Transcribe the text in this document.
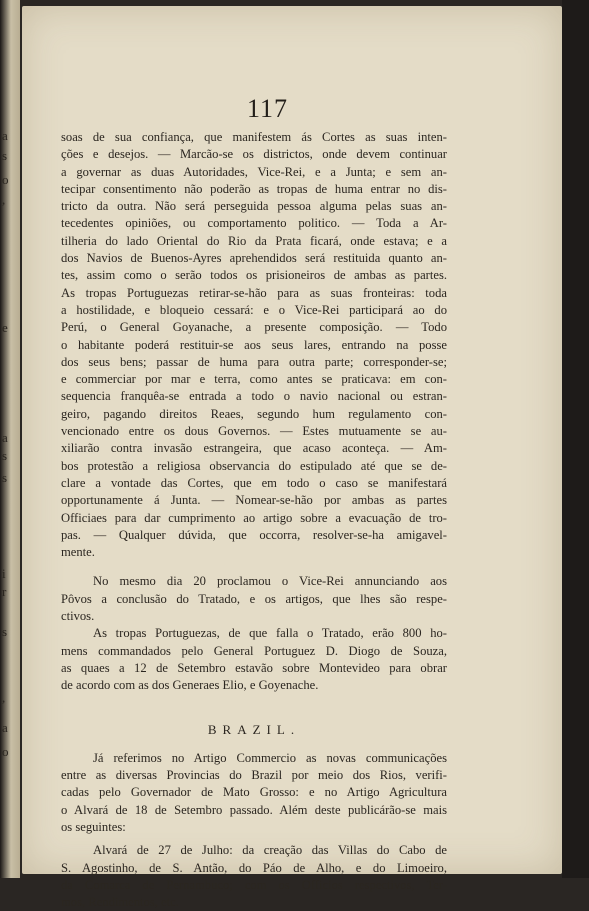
a
s
o
,
e
a
s
s
i
r
s
,
a
o
117
soas de sua confiança, que manifestem ás Cortes as suas inten-
ções e desejos. — Marcão-se os districtos, onde devem continuar
a governar as duas Autoridades, Vice-Rei, e a Junta; e sem an-
tecipar consentimento não poderão as tropas de huma entrar no dis-
tricto da outra. Não será perseguida pessoa alguma pelas suas an-
tecedentes opiniões, ou comportamento politico. — Toda a Ar-
tilheria do lado Oriental do Rio da Prata ficará, onde estava; e a
dos Navios de Buenos-Ayres aprehendidos será restituida quanto an-
tes, assim como o serão todos os prisioneiros de ambas as partes.
As tropas Portuguezas retirar-se-hão para as suas fronteiras: toda
a hostilidade, e bloqueio cessará: e o Vice-Rei participará ao do
Perú, o General Goyanache, a presente composição. — Todo
o habitante poderá restituir-se aos seus lares, entrando na posse
dos seus bens; passar de huma para outra parte; corresponder-se;
e commerciar por mar e terra, como antes se praticava: em con-
sequencia franquêa-se entrada a todo o navio nacional ou estran-
geiro, pagando direitos Reaes, segundo hum regulamento con-
vencionado entre os dous Governos. — Estes mutuamente se au-
xiliarão contra invasão estrangeira, que acaso aconteça. — Am-
bos protestão a religiosa observancia do estipulado até que se de-
clare a vontade das Cortes, que em todo o caso se manifestará
opportunamente á Junta. — Nomear-se-hão por ambas as partes
Officiaes para dar cumprimento ao artigo sobre a evacuação de tro-
pas. — Qualquer dúvida, que occorra, resolver-se-ha amigavel-
mente.
No mesmo dia 20 proclamou o Vice-Rei annunciando aos
Pôvos a conclusão do Tratado, e os artigos, que lhes são respe-
ctivos.
As tropas Portuguezas, de que falla o Tratado, erão 800 ho-
mens commandados pelo General Portuguez D. Diogo de Souza,
as quaes a 12 de Setembro estavão sobre Montevideo para obrar
de acordo com as dos Generaes Elio, e Goyenache.
BRAZIL.
Já referimos no Artigo Commercio as novas communicações
entre as diversas Provincias do Brazil por meio dos Rios, verifi-
cadas pelo Governador de Mato Grosso: e no Artigo Agricultura
o Alvará de 18 de Setembro passado. Além deste publicárão-se mais
os seguintes:
Alvará de 27 de Julho: da creação das Villas do Cabo de
S. Agostinho, de S. Antão, do Páo de Alho, e do Limoeiro,
da Comarca de Pernambuco; com os Officios respectivos, Ter-
mos, Rendimentos, etc.
